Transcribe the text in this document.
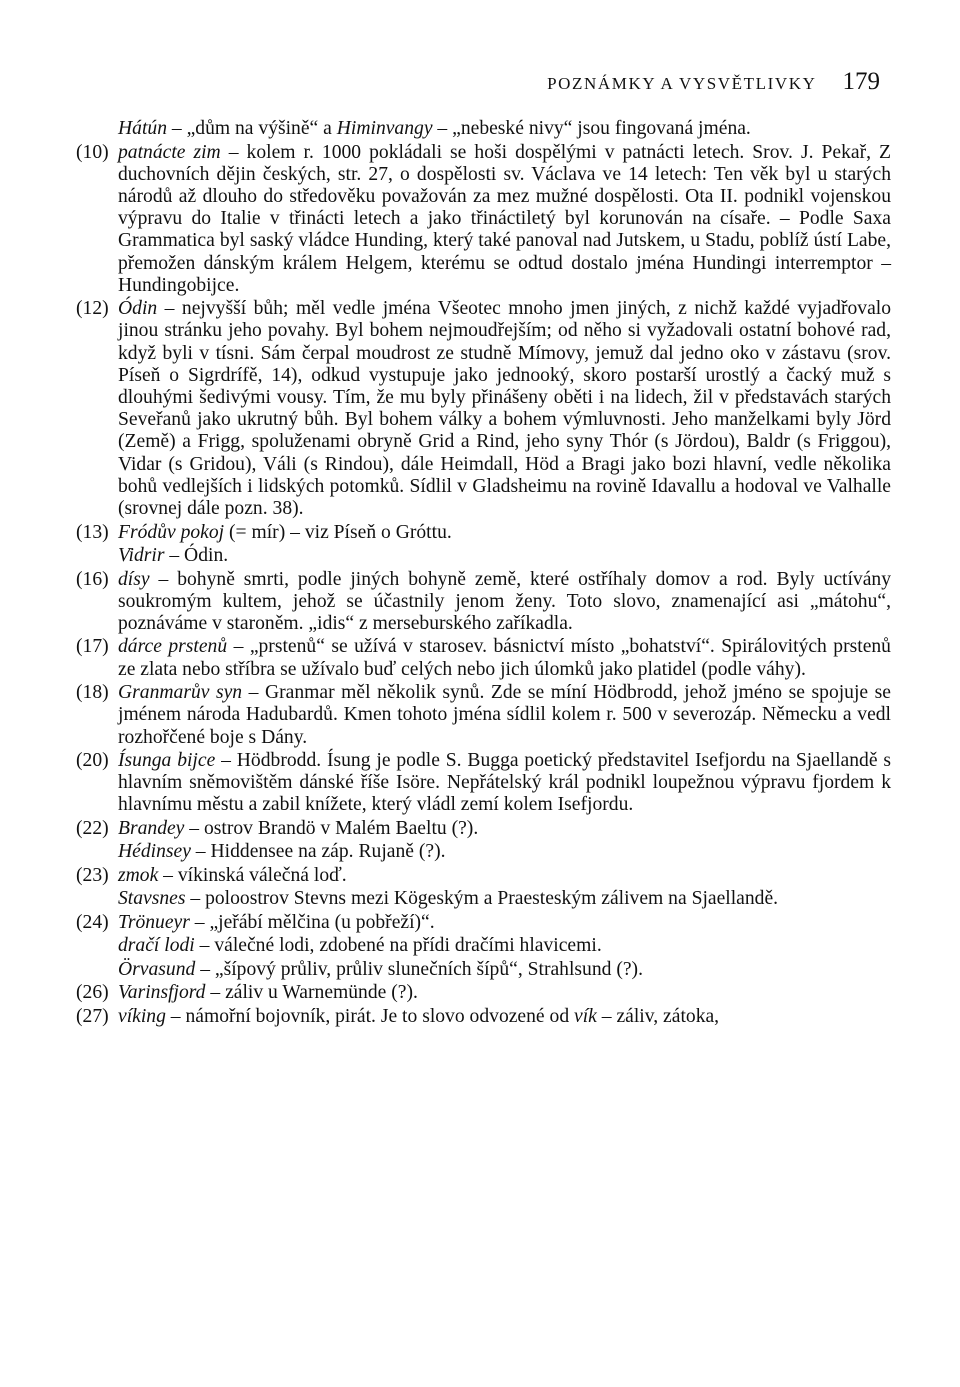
POZNÁMKY A VYSVĚTLIVKY 179

Hátún – „dům na výšině“ a Himinvangy – „nebeské nivy“ jsou fingovaná jména.

(10) patnácte zim – kolem r. 1000 pokládali se hoši dospělými v patnácti letech. Srov. J. Pekař, Z duchovních dějin českých, str. 27, o dospělosti sv. Václava ve 14 letech: Ten věk byl u starých národů až dlouho do středověku považován za mez mužné dospělosti. Ota II. podnikl vojenskou výpravu do Italie v třinácti letech a jako třináctiletý byl korunován na císaře. – Podle Saxa Grammatica byl saský vládce Hunding, který také panoval nad Jutskem, u Stadu, poblíž ústí Labe, přemožen dánským králem Helgem, kterému se odtud dostalo jména Hundingi interremptor – Hundingobijce.

(12) Ódin – nejvyšší bůh; měl vedle jména Všeotec mnoho jmen jiných, z nichž každé vyjadřovalo jinou stránku jeho povahy. Byl bohem nejmoudřejším; od něho si vyžadovali ostatní bohové rad, když byli v tísni. Sám čerpal moudrost ze studně Mímovy, jemuž dal jedno oko v zástavu (srov. Píseň o Sigrdrífě, 14), odkud vystupuje jako jednooký, skoro postarší urostlý a čacký muž s dlouhými šedivými vousy. Tím, že mu byly přinášeny oběti i na lidech, žil v představách starých Seveřanů jako ukrutný bůh. Byl bohem války a bohem výmluvnosti. Jeho manželkami byly Jörd (Země) a Frigg, spoluženami obryně Grid a Rind, jeho syny Thór (s Jördou), Baldr (s Friggou), Vidar (s Gridou), Váli (s Rindou), dále Heimdall, Höd a Bragi jako bozi hlavní, vedle několika bohů vedlejších i lidských potomků. Sídlil v Gladsheimu na rovině Idavallu a hodoval ve Valhalle (srovnej dále pozn. 38).

(13) Fródův pokoj (= mír) – viz Píseň o Gróttu.

Vidrir – Ódin.

(16) dísy – bohyně smrti, podle jiných bohyně země, které ostříhaly domov a rod. Byly uctívány soukromým kultem, jehož se účastnily jenom ženy. Toto slovo, znamenající asi „mátohu“, poznáváme v staroněm. „idis“ z merseburského zaříkadla.

(17) dárce prstenů – „prstenů“ se užívá v starosev. básnictví místo „bohatství“. Spirálovitých prstenů ze zlata nebo stříbra se užívalo buď celých nebo jich úlomků jako platidel (podle váhy).

(18) Granmarův syn – Granmar měl několik synů. Zde se míní Hödbrodd, jehož jméno se spojuje se jménem národa Hadubardů. Kmen tohoto jména sídlil kolem r. 500 v severozáp. Německu a vedl rozhořčené boje s Dány.

(20) Ísunga bijce – Hödbrodd. Ísung je podle S. Bugga poetický představitel Isefjordu na Sjaellandě s hlavním sněmovištěm dánské říše Isöre. Nepřátelský král podnikl loupežnou výpravu fjordem k hlavnímu městu a zabil knížete, který vládl zemí kolem Isefjordu.

(22) Brandey – ostrov Brandö v Malém Baeltu (?).

Hédinsey – Hiddensee na záp. Rujaně (?).

(23) zmok – víkinská válečná loď.

Stavsnes – poloostrov Stevns mezi Kögeským a Praesteským zálivem na Sjaellandě.

(24) Trönueyr – „jeřábí mělčina (u pobřeží)“.

dračí lodi – válečné lodi, zdobené na přídi dračími hlavicemi.

Örvasund – „šípový průliv, průliv slunečních šípů“, Strahlsund (?).

(26) Varinsfjord – záliv u Warnemünde (?).

(27) víking – námořní bojovník, pirát. Je to slovo odvozené od vík – záliv, zátoka,
